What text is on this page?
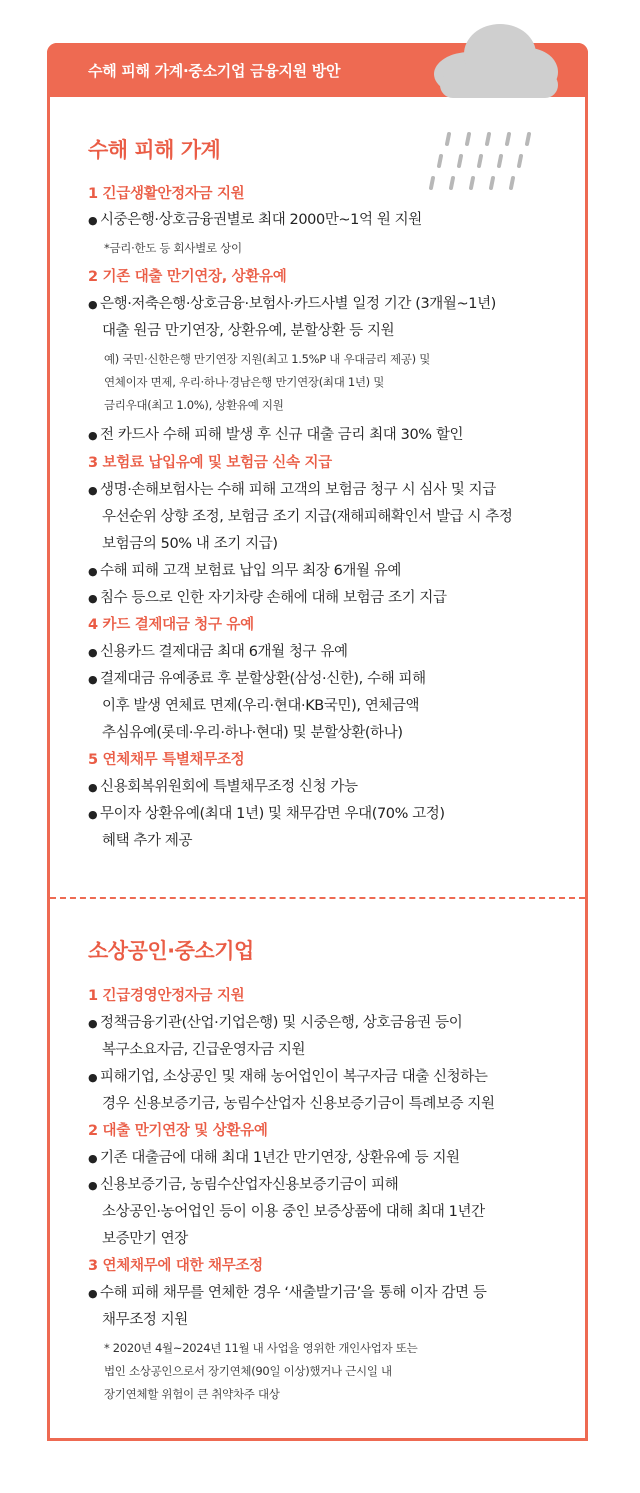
수해 피해 가계·중소기업 금융지원 방안
수해 피해 가계
1 긴급생활안정자금 지원
● 시중은행·상호금융권별로 최대 2000만~1억 원 지원
*금리·한도 등 회사별로 상이
2 기존 대출 만기연장, 상환유예
● 은행·저축은행·상호금융·보험사·카드사별 일정 기간 (3개월~1년)
대출 원금 만기연장, 상환유예, 분할상환 등 지원
예) 국민·신한은행 만기연장 지원(최고 1.5%P 내 우대금리 제공) 및
연체이자 면제, 우리·하나·경남은행 만기연장(최대 1년) 및
금리우대(최고 1.0%), 상환유예 지원
● 전 카드사 수해 피해 발생 후 신규 대출 금리 최대 30% 할인
3 보험료 납입유예 및 보험금 신속 지급
● 생명·손해보험사는 수해 피해 고객의 보험금 청구 시 심사 및 지급
우선순위 상향 조정, 보험금 조기 지급(재해피해확인서 발급 시 추정
보험금의 50% 내 조기 지급)
● 수해 피해 고객 보험료 납입 의무 최장 6개월 유예
● 침수 등으로 인한 자기차량 손해에 대해 보험금 조기 지급
4 카드 결제대금 청구 유예
● 신용카드 결제대금 최대 6개월 청구 유예
● 결제대금 유예종료 후 분할상환(삼성·신한), 수해 피해
이후 발생 연체료 면제(우리·현대·KB국민), 연체금액
추심유예(롯데·우리·하나·현대) 및 분할상환(하나)
5 연체채무 특별채무조정
● 신용회복위원회에 특별채무조정 신청 가능
● 무이자 상환유예(최대 1년) 및 채무감면 우대(70% 고정)
혜택 추가 제공
소상공인·중소기업
1 긴급경영안정자금 지원
● 정책금융기관(산업·기업은행) 및 시중은행, 상호금융권 등이
복구소요자금, 긴급운영자금 지원
● 피해기업, 소상공인 및 재해 농어업인이 복구자금 대출 신청하는
경우 신용보증기금, 농림수산업자 신용보증기금이 특례보증 지원
2 대출 만기연장 및 상환유예
● 기존 대출금에 대해 최대 1년간 만기연장, 상환유예 등 지원
● 신용보증기금, 농림수산업자신용보증기금이 피해
소상공인·농어업인 등이 이용 중인 보증상품에 대해 최대 1년간
보증만기 연장
3 연체채무에 대한 채무조정
● 수해 피해 채무를 연체한 경우 ‘새출발기금’을 통해 이자 감면 등
채무조정 지원
* 2020년 4월~2024년 11월 내 사업을 영위한 개인사업자 또는
법인 소상공인으로서 장기연체(90일 이상)했거나 근시일 내
장기연체할 위험이 큰 취약차주 대상
